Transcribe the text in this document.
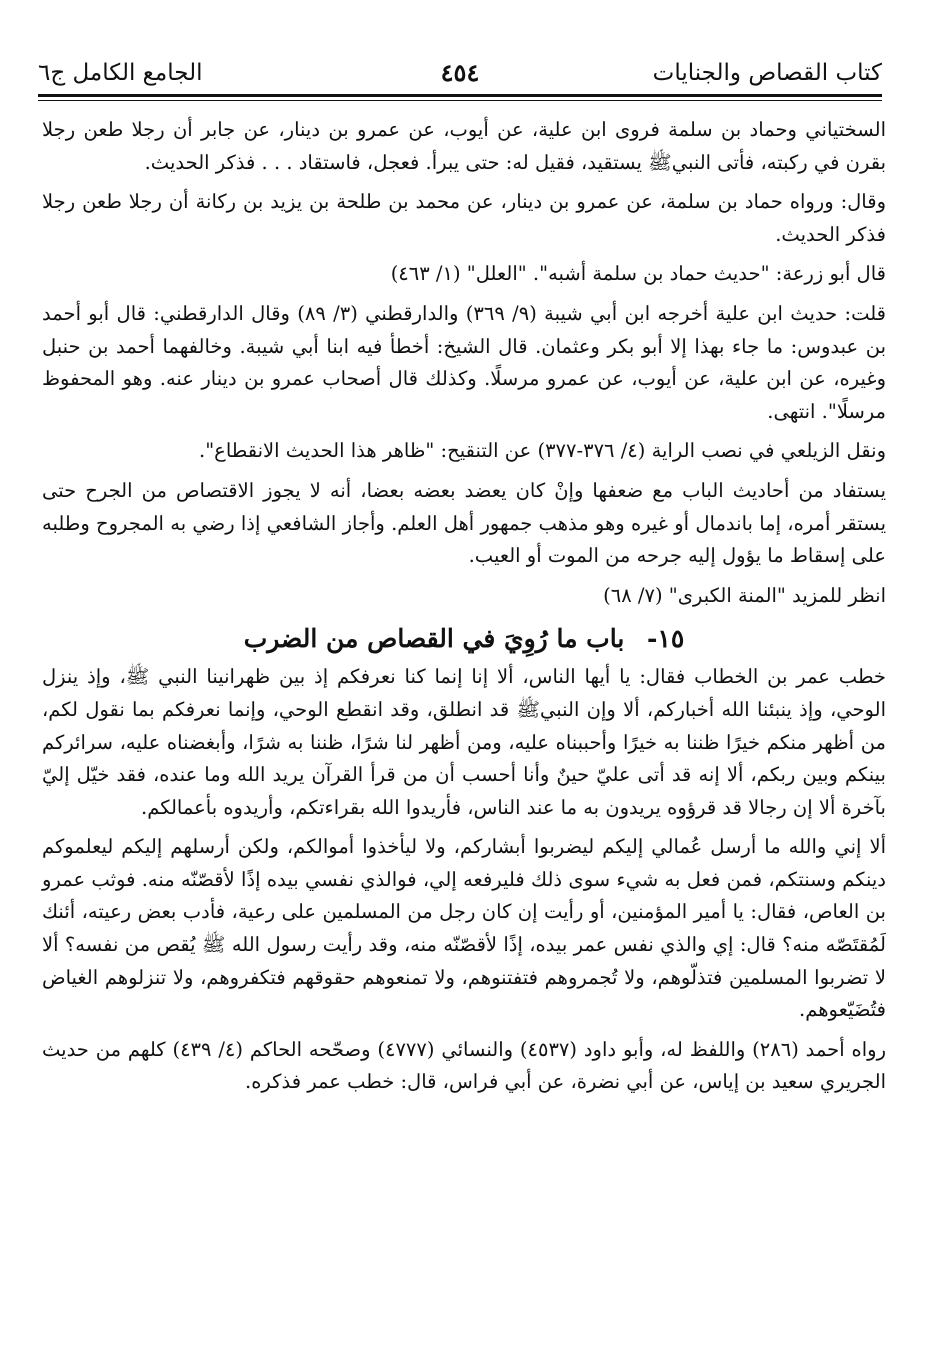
كتاب القصاص والجنايات
٤٥٤
الجامع الكامل ج٦

السختياني وحماد بن سلمة فروى ابن علية، عن أيوب، عن عمرو بن دينار، عن جابر أن رجلا طعن رجلا بقرن في ركبته، فأتى النبيﷺ يستقيد، فقيل له: حتى يبرأ. فعجل، فاستقاد . . . فذكر الحديث.

وقال: ورواه حماد بن سلمة، عن عمرو بن دينار، عن محمد بن طلحة بن يزيد بن ركانة أن رجلا طعن رجلا فذكر الحديث.

قال أبو زرعة: "حديث حماد بن سلمة أشبه". "العلل" (١/ ٤٦٣)

قلت: حديث ابن علية أخرجه ابن أبي شيبة (٩/ ٣٦٩) والدارقطني (٣/ ٨٩) وقال الدارقطني: قال أبو أحمد بن عبدوس: ما جاء بهذا إلا أبو بكر وعثمان. قال الشيخ: أخطأ فيه ابنا أبي شيبة. وخالفهما أحمد بن حنبل وغيره، عن ابن علية، عن أيوب، عن عمرو مرسلًا. وكذلك قال أصحاب عمرو بن دينار عنه. وهو المحفوظ مرسلًا". انتهى.

ونقل الزيلعي في نصب الراية (٤/ ٣٧٦-٣٧٧) عن التنقيح: "ظاهر هذا الحديث الانقطاع".

يستفاد من أحاديث الباب مع ضعفها وإنْ كان يعضد بعضه بعضا، أنه لا يجوز الاقتصاص من الجرح حتى يستقر أمره، إما باندمال أو غيره وهو مذهب جمهور أهل العلم. وأجاز الشافعي إذا رضي به المجروح وطلبه على إسقاط ما يؤول إليه جرحه من الموت أو العيب.

انظر للمزيد "المنة الكبرى" (٧/ ٦٨)

١٥- باب ما رُوِيَ في القصاص من الضرب

خطب عمر بن الخطاب فقال: يا أيها الناس، ألا إنا إنما كنا نعرفكم إذ بين ظهرانينا النبي ﷺ، وإذ ينزل الوحي، وإذ ينبئنا الله أخباركم، ألا وإن النبيﷺ قد انطلق، وقد انقطع الوحي، وإنما نعرفكم بما نقول لكم، من أظهر منكم خيرًا ظننا به خيرًا وأحببناه عليه، ومن أظهر لنا شرًا، ظننا به شرًا، وأبغضناه عليه، سرائركم بينكم وبين ربكم، ألا إنه قد أتى عليّ حينٌ وأنا أحسب أن من قرأ القرآن يريد الله وما عنده، فقد خيّل إليّ بآخرة ألا إن رجالا قد قرؤوه يريدون به ما عند الناس، فأريدوا الله بقراءتكم، وأريدوه بأعمالكم.

ألا إني والله ما أرسل عُمالي إليكم ليضربوا أبشاركم، ولا ليأخذوا أموالكم، ولكن أرسلهم إليكم ليعلموكم دينكم وسنتكم، فمن فعل به شيء سوى ذلك فليرفعه إلي، فوالذي نفسي بيده إذًا لأقصّنّه منه. فوثب عمرو بن العاص، فقال: يا أمير المؤمنين، أو رأيت إن كان رجل من المسلمين على رعية، فأدب بعض رعيته، أئنك لَمُقتَصّه منه؟ قال: إي والذي نفس عمر بيده، إذًا لأقصّنّه منه، وقد رأيت رسول الله ﷺ يُقص من نفسه؟ ألا لا تضربوا المسلمين فتذلّوهم، ولا تُجمروهم فتفتنوهم، ولا تمنعوهم حقوقهم فتكفروهم، ولا تنزلوهم الغياض فتُضَيّعوهم.

رواه أحمد (٢٨٦) واللفظ له، وأبو داود (٤٥٣٧) والنسائي (٤٧٧٧) وصحّحه الحاكم (٤/ ٤٣٩) كلهم من حديث الجريري سعيد بن إياس، عن أبي نضرة، عن أبي فراس، قال: خطب عمر فذكره.
